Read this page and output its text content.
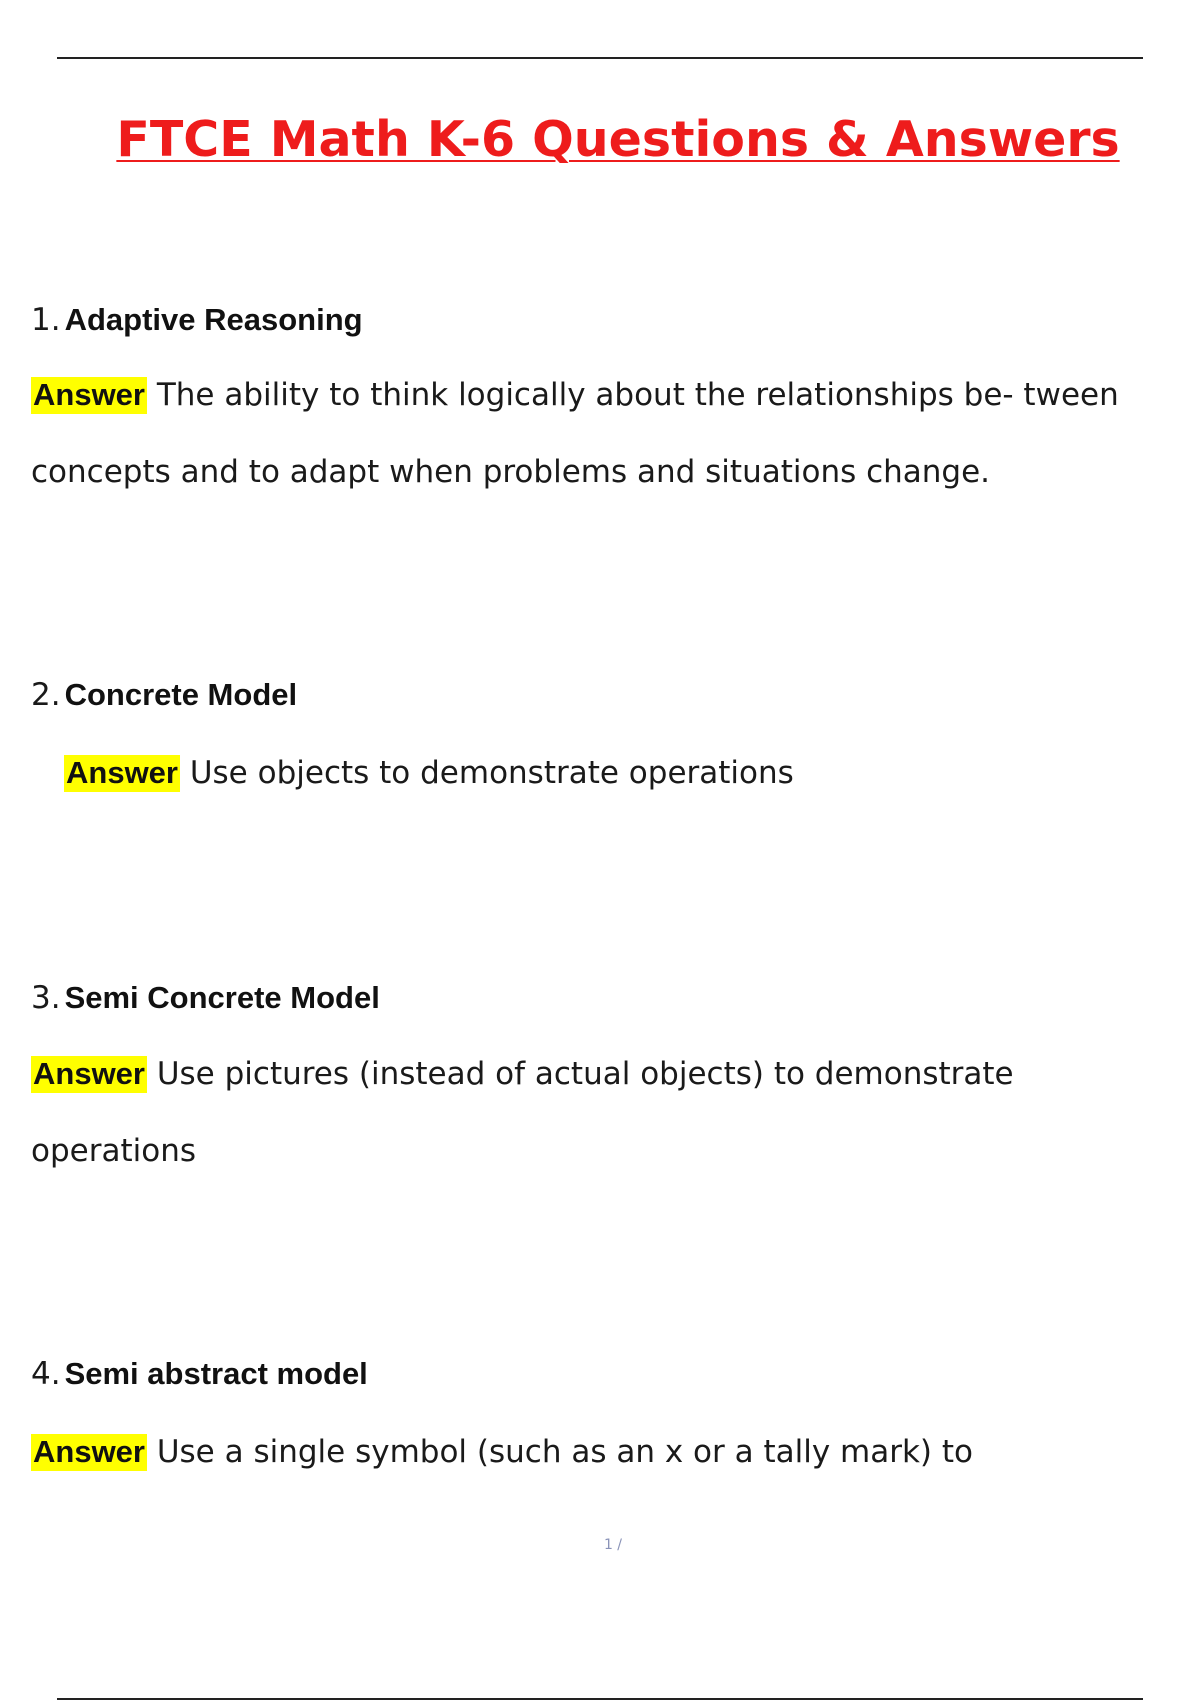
FTCE Math K-6 Questions & Answers
1. Adaptive Reasoning

Answer The ability to think logically about the relationships be- tween concepts and to adapt when problems and situations change.

2. Concrete Model

Answer Use objects to demonstrate operations

3. Semi Concrete Model

Answer Use pictures (instead of actual objects) to demonstrate operations

4. Semi abstract model

Answer Use a single symbol (such as an x or a tally mark) to

1 /
